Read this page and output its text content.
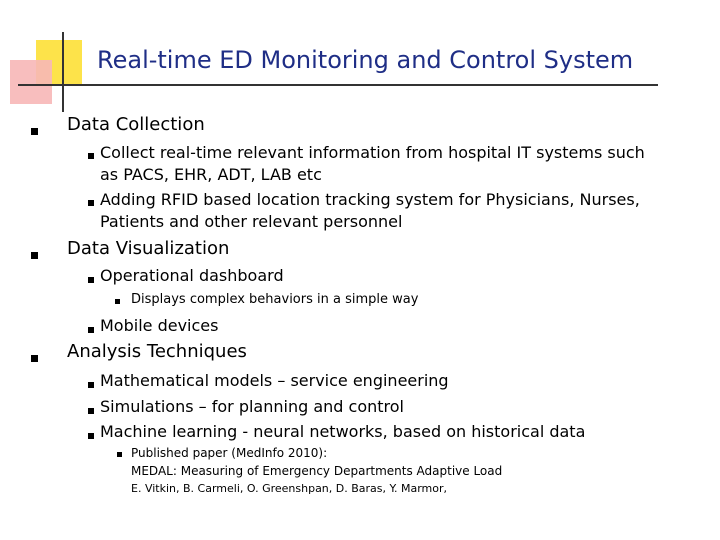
Real-time ED Monitoring and Control System
Data Collection
Collect real-time relevant information from hospital IT systems such
as PACS, EHR, ADT, LAB etc
Adding RFID based location tracking system for Physicians, Nurses,
Patients and other relevant personnel
Data Visualization
Operational dashboard
Displays complex behaviors in a simple way
Mobile devices
Analysis Techniques
Mathematical models – service engineering
Simulations – for planning and control
Machine learning - neural networks, based on historical data
Published paper (MedInfo 2010):
MEDAL: Measuring of Emergency Departments Adaptive Load
E. Vitkin, B. Carmeli, O. Greenshpan, D. Baras, Y. Marmor,
